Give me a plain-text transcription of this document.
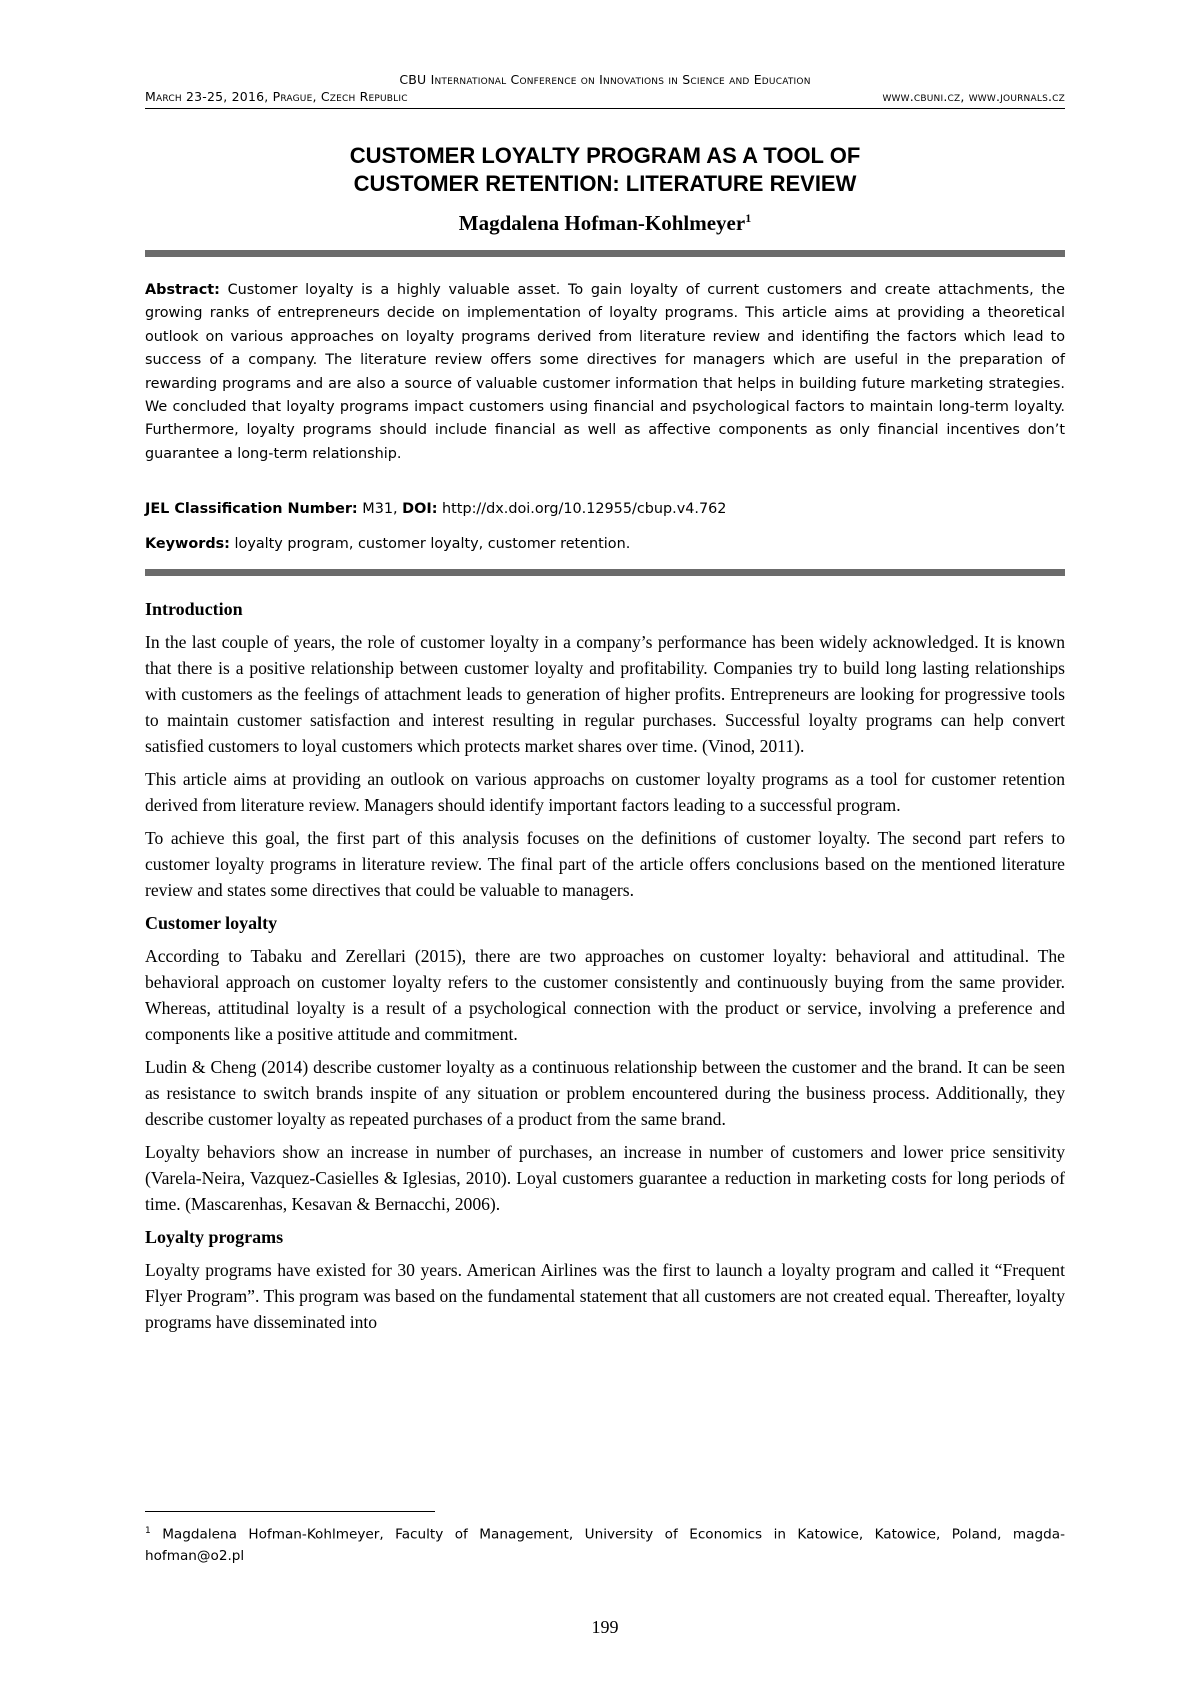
CBU International Conference on Innovations in Science and Education
March 23-25, 2016, Prague, Czech Republic	www.cbuni.cz, www.journals.cz
CUSTOMER LOYALTY PROGRAM AS A TOOL OF
CUSTOMER RETENTION: LITERATURE REVIEW
Magdalena Hofman-Kohlmeyer$^1$
Abstract: Customer loyalty is a highly valuable asset. To gain loyalty of current customers and create attachments, the growing ranks of entrepreneurs decide on implementation of loyalty programs. This article aims at providing a theoretical outlook on various approaches on loyalty programs derived from literature review and identifing the factors which lead to success of a company. The literature review offers some directives for managers which are useful in the preparation of rewarding programs and are also a source of valuable customer information that helps in building future marketing strategies. We concluded that loyalty programs impact customers using financial and psychological factors to maintain long-term loyalty. Furthermore, loyalty programs should include financial as well as affective components as only financial incentives don’t guarantee a long-term relationship.
JEL Classification Number: M31, DOI: http://dx.doi.org/10.12955/cbup.v4.762
Keywords: loyalty program, customer loyalty, customer retention.
Introduction

In the last couple of years, the role of customer loyalty in a company’s performance has been widely acknowledged. It is known that there is a positive relationship between customer loyalty and profitability. Companies try to build long lasting relationships with customers as the feelings of attachment leads to generation of higher profits. Entrepreneurs are looking for progressive tools to maintain customer satisfaction and interest resulting in regular purchases. Successful loyalty programs can help convert satisfied customers to loyal customers which protects market shares over time. (Vinod, 2011).

This article aims at providing an outlook on various approachs on customer loyalty programs as a tool for customer retention derived from literature review. Managers should identify important factors leading to a successful program.

To achieve this goal, the first part of this analysis focuses on the definitions of customer loyalty. The second part refers to customer loyalty programs in literature review. The final part of the article offers conclusions based on the mentioned literature review and states some directives that could be valuable to managers.

Customer loyalty

According to Tabaku and Zerellari (2015), there are two approaches on customer loyalty: behavioral and attitudinal. The behavioral approach on customer loyalty refers to the customer consistently and continuously buying from the same provider. Whereas, attitudinal loyalty is a result of a psychological connection with the product or service, involving a preference and components like a positive attitude and commitment.

Ludin & Cheng (2014) describe customer loyalty as a continuous relationship between the customer and the brand. It can be seen as resistance to switch brands inspite of any situation or problem encountered during the business process. Additionally, they describe customer loyalty as repeated purchases of a product from the same brand.

Loyalty behaviors show an increase in number of purchases, an increase in number of customers and lower price sensitivity (Varela-Neira, Vazquez-Casielles & Iglesias, 2010). Loyal customers guarantee a reduction in marketing costs for long periods of time. (Mascarenhas, Kesavan & Bernacchi, 2006).

Loyalty programs

Loyalty programs have existed for 30 years. American Airlines was the first to launch a loyalty program and called it “Frequent Flyer Program”. This program was based on the fundamental statement that all customers are not created equal. Thereafter, loyalty programs have disseminated into

$^1$ Magdalena Hofman-Kohlmeyer, Faculty of Management, University of Economics in Katowice, Katowice, Poland, magda-hofman@o2.pl
199
